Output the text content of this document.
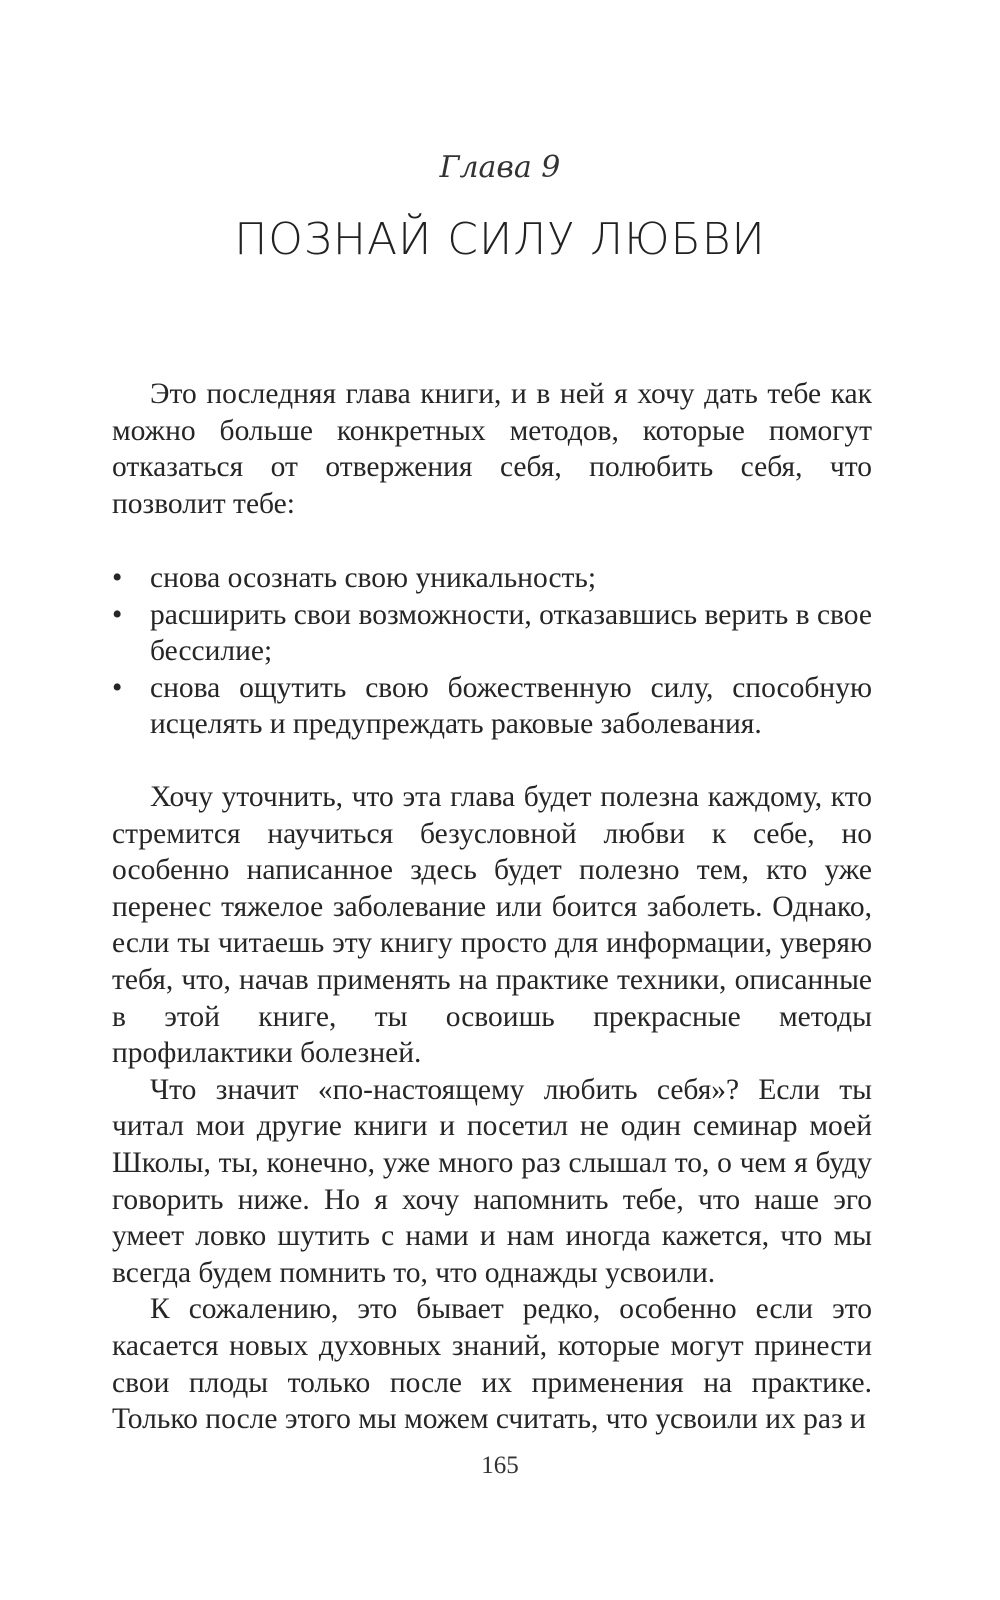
Глава 9
ПОЗНАЙ СИЛУ ЛЮБВИ

Это последняя глава книги, и в ней я хочу дать тебе как можно больше конкретных методов, которые помогут отказаться от отвержения себя, полюбить себя, что позволит тебе:

• снова осознать свою уникальность;
• расширить свои возможности, отказавшись верить в свое бессилие;
• снова ощутить свою божественную силу, способную исцелять и предупреждать раковые заболевания.

Хочу уточнить, что эта глава будет полезна каждому, кто стремится научиться безусловной любви к себе, но особенно написанное здесь будет полезно тем, кто уже перенес тяжелое заболевание или боится заболеть. Однако, если ты читаешь эту книгу просто для информации, уверяю тебя, что, начав применять на практике техники, описанные в этой книге, ты освоишь прекрасные методы профилактики болезней.

Что значит «по-настоящему любить себя»? Если ты читал мои другие книги и посетил не один семинар моей Школы, ты, конечно, уже много раз слышал то, о чем я буду говорить ниже. Но я хочу напомнить тебе, что наше эго умеет ловко шутить с нами и нам иногда кажется, что мы всегда будем помнить то, что однажды усвоили.

К сожалению, это бывает редко, особенно если это касается новых духовных знаний, которые могут принести свои плоды только после их применения на практике. Только после этого мы можем считать, что усвоили их раз и

165
